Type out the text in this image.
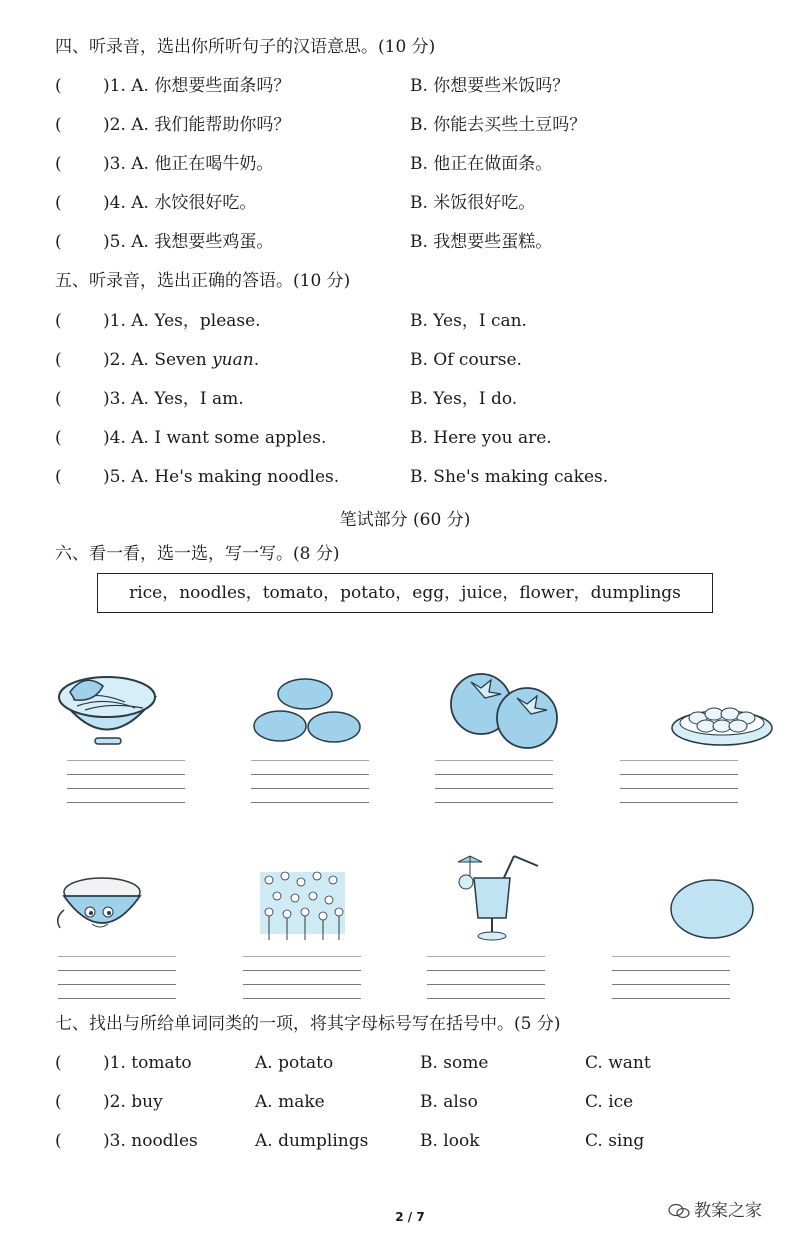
四、听录音，选出你所听句子的汉语意思。(10 分)
( )1. A. 你想要些面条吗？	B. 你想要些米饭吗？
( )2. A. 我们能帮助你吗？	B. 你能去买些土豆吗？
( )3. A. 他正在喝牛奶。	B. 他正在做面条。
( )4. A. 水饺很好吃。	B. 米饭很好吃。
( )5. A. 我想要些鸡蛋。	B. 我想要些蛋糕。
五、听录音，选出正确的答语。(10 分)
( )1. A. Yes，please.	B. Yes，I can.
( )2. A. Seven yuan.	B. Of course.
( )3. A. Yes，I am.	B. Yes，I do.
( )4. A. I want some apples.	B. Here you are.
( )5. A. He's making noodles.	B. She's making cakes.
笔试部分 (60 分)
六、看一看，选一选，写一写。(8 分)
rice，noodles，tomato，potato，egg，juice，flower，dumplings
七、找出与所给单词同类的一项，将其字母标号写在括号中。(5 分)
( )1. tomato	A. potato	B. some	C. want
( )2. buy	A. make	B. also	C. ice
( )3. noodles	A. dumplings	B. look	C. sing
教案之家
2 / 7
